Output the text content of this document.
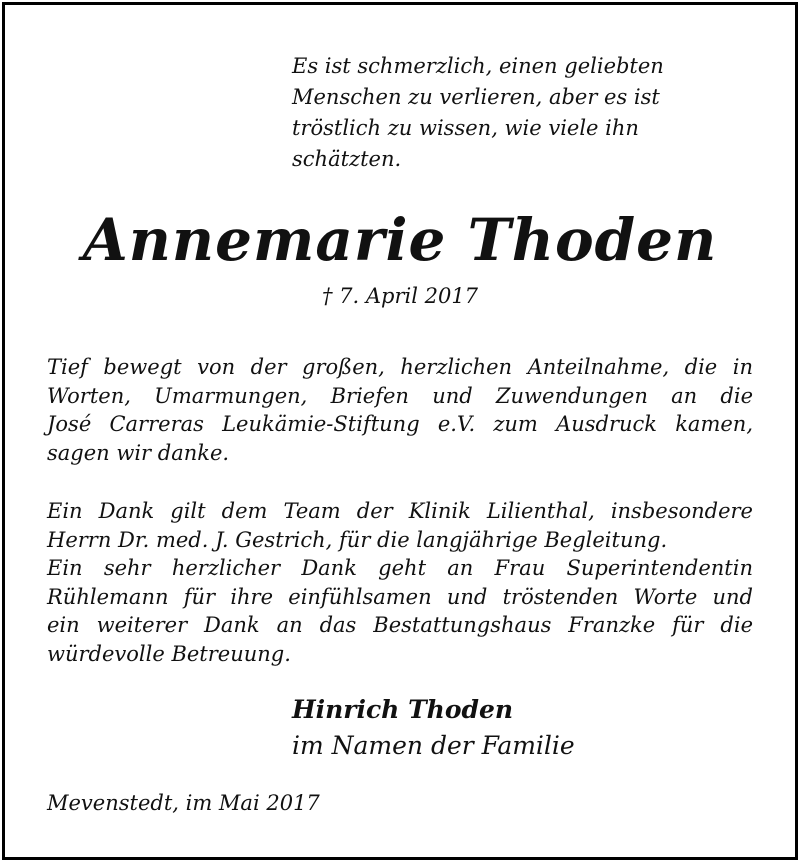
Es ist schmerzlich, einen geliebten
Menschen zu verlieren, aber es ist
tröstlich zu wissen, wie viele ihn
schätzten.
Annemarie Thoden
† 7. April 2017
Tief bewegt von der großen, herzlichen Anteilnahme, die in
Worten, Umarmungen, Briefen und Zuwendungen an die
José Carreras Leukämie-Stiftung e.V. zum Ausdruck kamen,
sagen wir danke.
Ein Dank gilt dem Team der Klinik Lilienthal, insbesondere
Herrn Dr. med. J. Gestrich, für die langjährige Begleitung.
Ein sehr herzlicher Dank geht an Frau Superintendentin
Rühlemann für ihre einfühlsamen und tröstenden Worte und
ein weiterer Dank an das Bestattungshaus Franzke für die
würdevolle Betreuung.
Hinrich Thoden
im Namen der Familie
Mevenstedt, im Mai 2017
